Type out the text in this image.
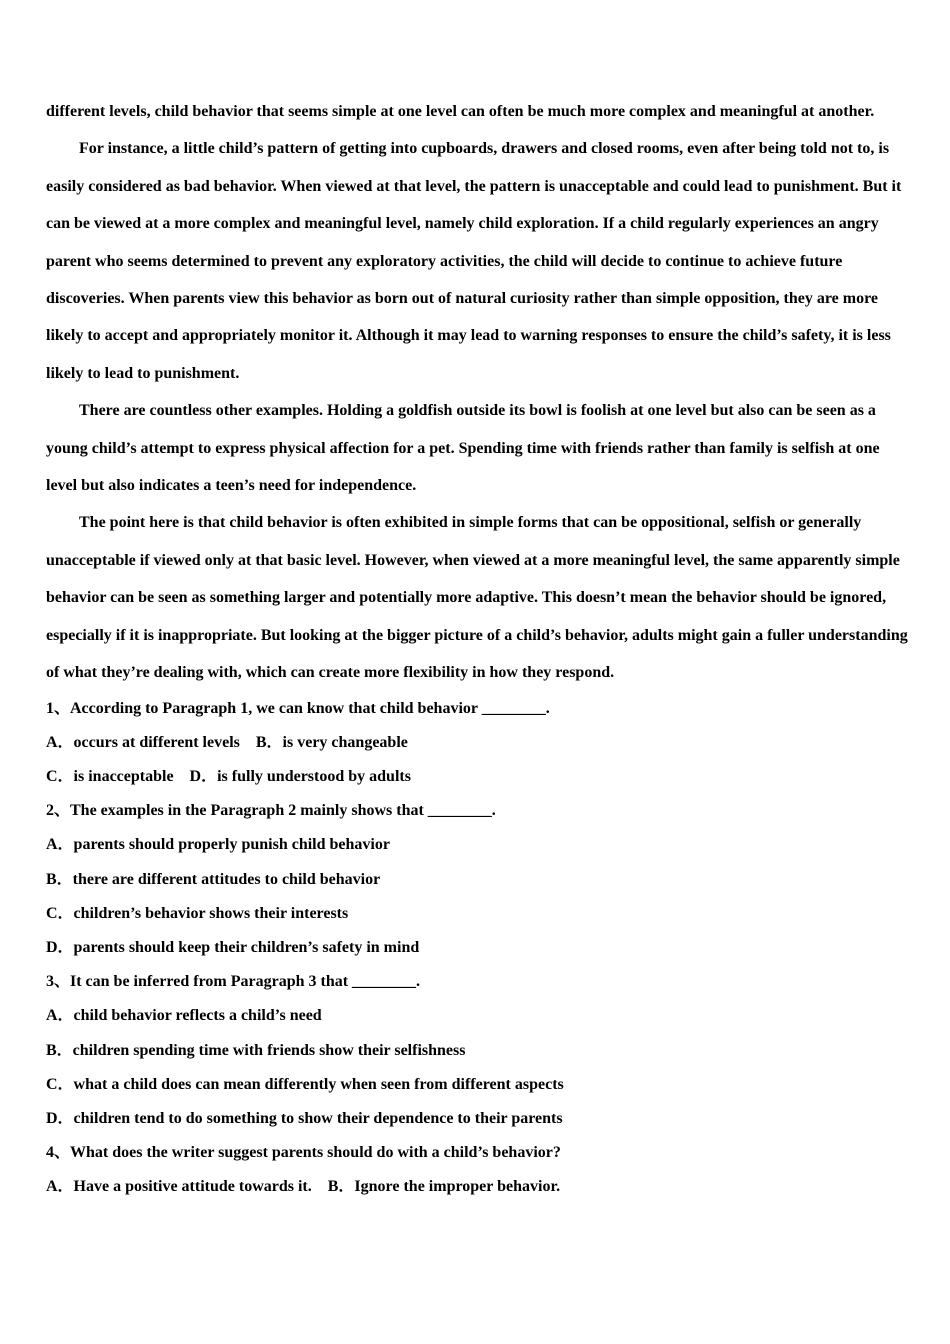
different levels, child behavior that seems simple at one level can often be much more complex and meaningful at another.

For instance, a little child’s pattern of getting into cupboards, drawers and closed rooms, even after being told not to, is easily considered as bad behavior. When viewed at that level, the pattern is unacceptable and could lead to punishment. But it can be viewed at a more complex and meaningful level, namely child exploration. If a child regularly experiences an angry parent who seems determined to prevent any exploratory activities, the child will decide to continue to achieve future discoveries. When parents view this behavior as born out of natural curiosity rather than simple opposition, they are more likely to accept and appropriately monitor it. Although it may lead to warning responses to ensure the child’s safety, it is less likely to lead to punishment.

There are countless other examples. Holding a goldfish outside its bowl is foolish at one level but also can be seen as a young child’s attempt to express physical affection for a pet. Spending time with friends rather than family is selfish at one level but also indicates a teen’s need for independence.

The point here is that child behavior is often exhibited in simple forms that can be oppositional, selfish or generally unacceptable if viewed only at that basic level. However, when viewed at a more meaningful level, the same apparently simple behavior can be seen as something larger and potentially more adaptive. This doesn’t mean the behavior should be ignored, especially if it is inappropriate. But looking at the bigger picture of a child’s behavior, adults might gain a fuller understanding of what they’re dealing with, which can create more flexibility in how they respond.

1、According to Paragraph 1, we can know that child behavior ________.

A．occurs at different levels　B．is very changeable

C．is inacceptable　D．is fully understood by adults

2、The examples in the Paragraph 2 mainly shows that ________.

A．parents should properly punish child behavior

B．there are different attitudes to child behavior

C．children’s behavior shows their interests

D．parents should keep their children’s safety in mind

3、It can be inferred from Paragraph 3 that ________.

A．child behavior reflects a child’s need

B．children spending time with friends show their selfishness

C．what a child does can mean differently when seen from different aspects

D．children tend to do something to show their dependence to their parents

4、What does the writer suggest parents should do with a child’s behavior?

A．Have a positive attitude towards it.　B．Ignore the improper behavior.
